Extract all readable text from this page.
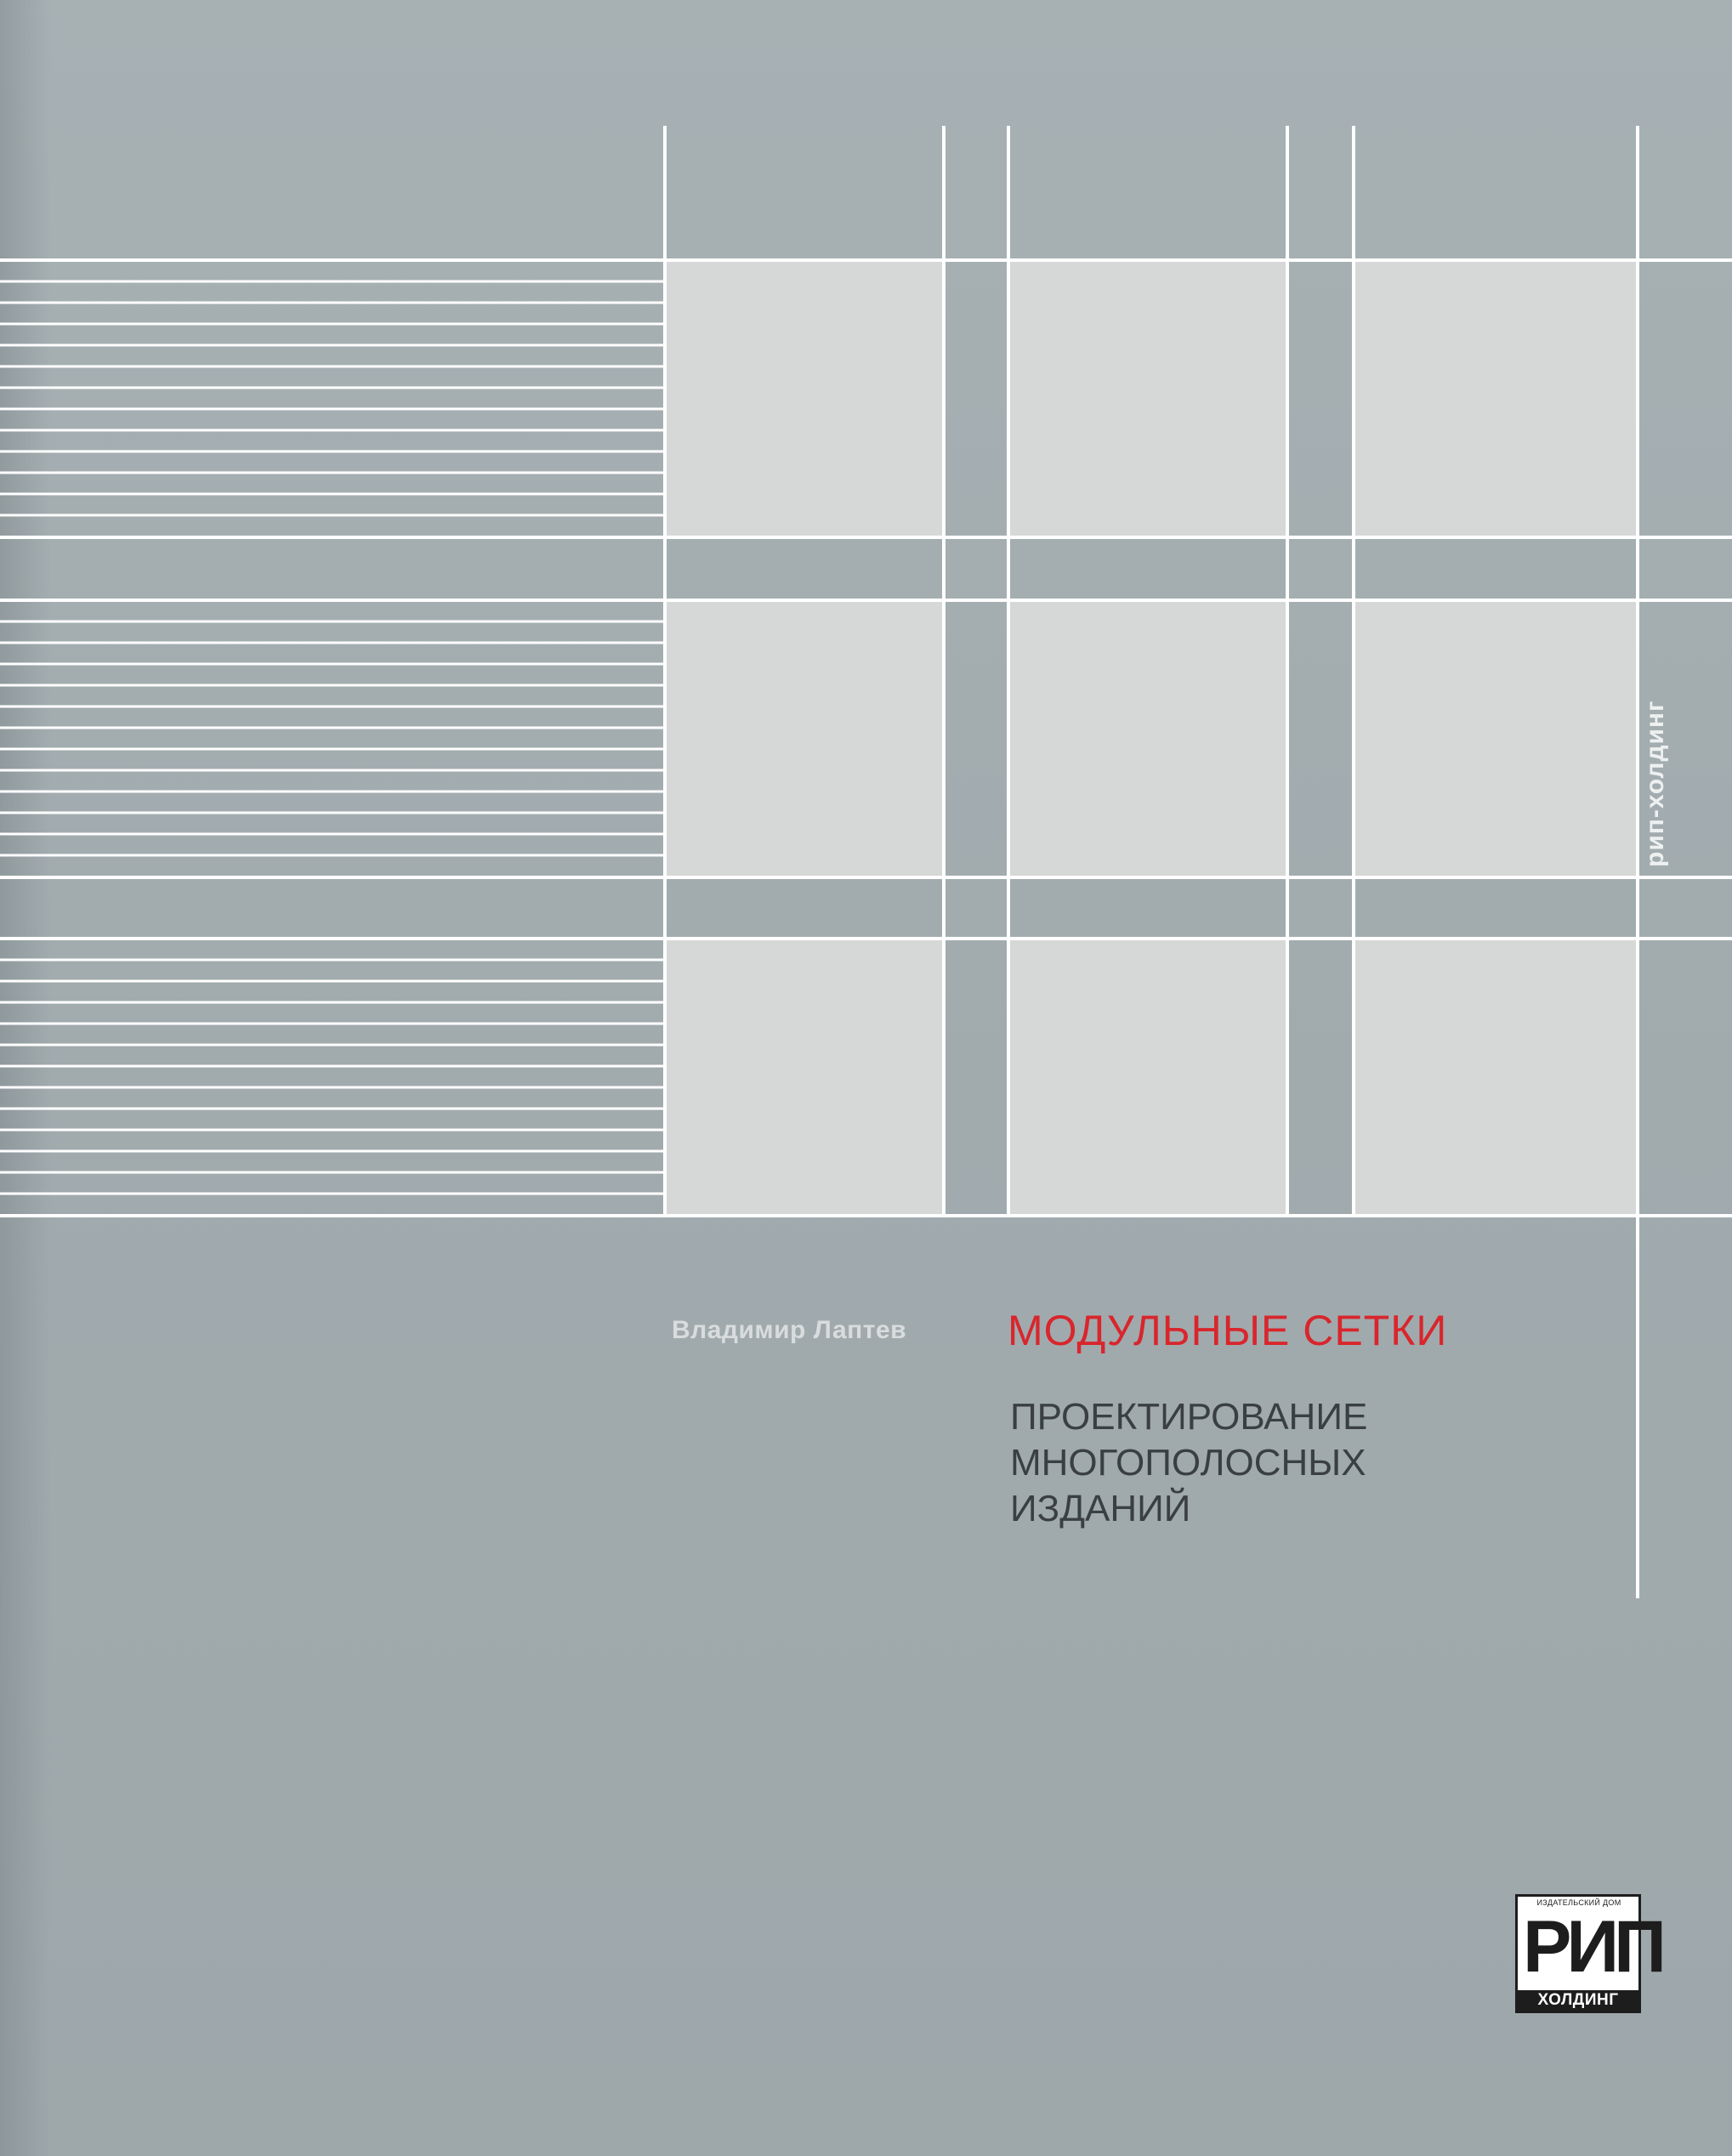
Владимир Лаптев	МОДУЛЬНЫЕ СЕТКИ
ПРОЕКТИРОВАНИЕ
МНОГОПОЛОСНЫХ
ИЗДАНИЙ
рип-холдинг
ИЗДАТЕЛЬСКИЙ ДОМ
РИП
ХОЛДИНГ
